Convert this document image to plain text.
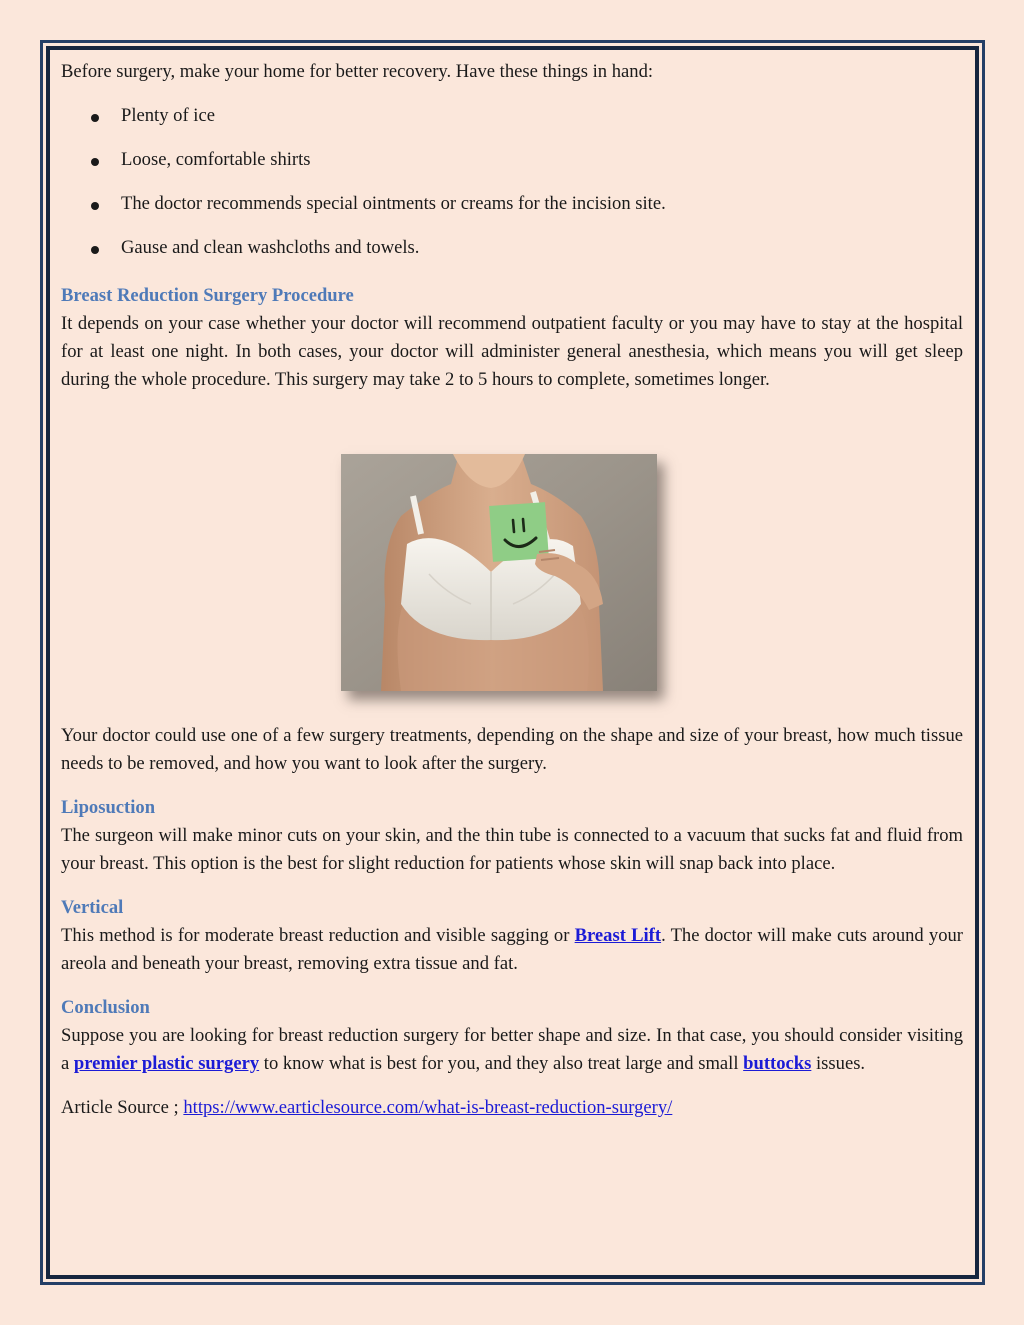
Before surgery, make your home for better recovery. Have these things in hand:

Plenty of ice
Loose, comfortable shirts
The doctor recommends special ointments or creams for the incision site.
Gause and clean washcloths and towels.
Breast Reduction Surgery Procedure

It depends on your case whether your doctor will recommend outpatient faculty or you may have to stay at the hospital for at least one night. In both cases, your doctor will administer general anesthesia, which means you will get sleep during the whole procedure. This surgery may take 2 to 5 hours to complete, sometimes longer.

Your doctor could use one of a few surgery treatments, depending on the shape and size of your breast, how much tissue needs to be removed, and how you want to look after the surgery.

Liposuction

The surgeon will make minor cuts on your skin, and the thin tube is connected to a vacuum that sucks fat and fluid from your breast. This option is the best for slight reduction for patients whose skin will snap back into place.

Vertical

This method is for moderate breast reduction and visible sagging or Breast Lift. The doctor will make cuts around your areola and beneath your breast, removing extra tissue and fat.

Conclusion

Suppose you are looking for breast reduction surgery for better shape and size. In that case, you should consider visiting a premier plastic surgery to know what is best for you, and they also treat large and small buttocks issues.

Article Source ; https://www.earticlesource.com/what-is-breast-reduction-surgery/
